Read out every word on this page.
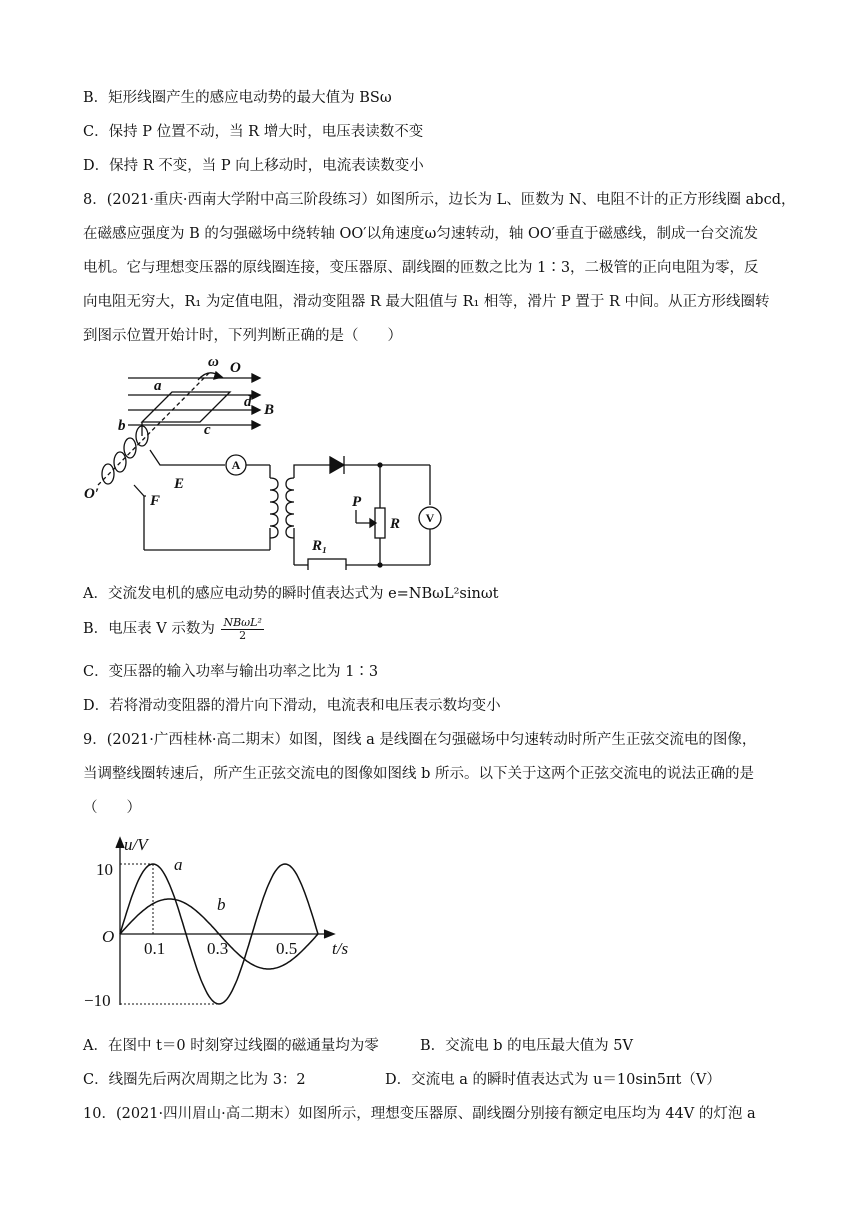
B．矩形线圈产生的感应电动势的最大值为 BSω
C．保持 P 位置不动，当 R 增大时，电压表读数不变
D．保持 R 不变，当 P 向上移动时，电流表读数变小
8．(2021·重庆·西南大学附中高三阶段练习）如图所示，边长为 L、匝数为 N、电阻不计的正方形线圈 abcd，
在磁感应强度为 B 的匀强磁场中绕转轴 OO′以角速度ω匀速转动，轴 OO′垂直于磁感线，制成一台交流发
电机。它与理想变压器的原线圈连接，变压器原、副线圈的匝数之比为 1∶3，二极管的正向电阻为零，反
向电阻无穷大，R₁ 为定值电阻，滑动变阻器 R 最大阻值与 R₁ 相等，滑片 P 置于 R 中间。从正方形线圈转
到图示位置开始计时，下列判断正确的是（　　）
ω O
a
d B
b	c
O′
E
F	P
R
R₁
A
V
A．交流发电机的感应电动势的瞬时值表达式为 e=NBωL²sinωt
B．电压表 V 示数为 $\frac{\text{NBωL²}}{2}$
C．变压器的输入功率与输出功率之比为 1∶3
D．若将滑动变阻器的滑片向下滑动，电流表和电压表示数均变小
9．(2021·广西桂林·高二期末）如图，图线 a 是线圈在匀强磁场中匀速转动时所产生正弦交流电的图像，
当调整线圈转速后，所产生正弦交流电的图像如图线 b 所示。以下关于这两个正弦交流电的说法正确的是
（　　）
u/V
t/s
O
10
−10
0.1 0.3	0.5
a
b
A．在图中 t＝0 时刻穿过线圈的磁通量均为零	B．交流电 b 的电压最大值为 5V
C．线圈先后两次周期之比为 3：2	D．交流电 a 的瞬时值表达式为 u＝10sin5πt（V）
10．(2021·四川眉山·高二期末）如图所示，理想变压器原、副线圈分别接有额定电压均为 44V 的灯泡 a
